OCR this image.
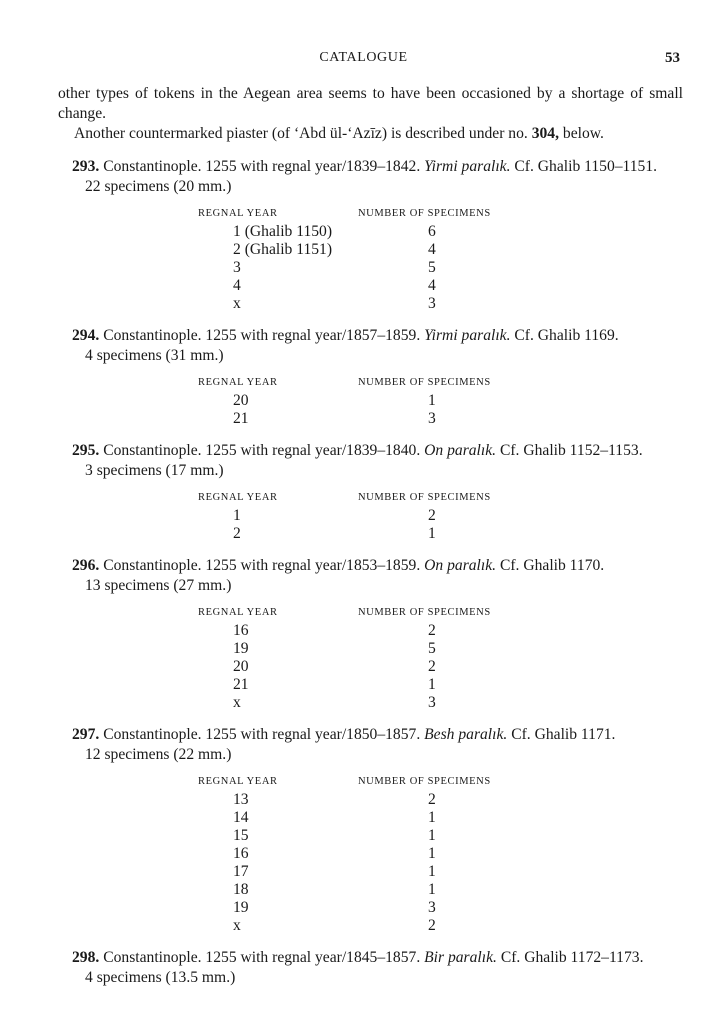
CATALOGUE	53

other types of tokens in the Aegean area seems to have been occasioned by a shortage of small change.

Another countermarked piaster (of ‘Abd ül-‘Azīz) is described under no. 304, below.

293. Constantinople. 1255 with regnal year/1839–1842. Yirmi paralık. Cf. Ghalib 1150–1151.
22 specimens (20 mm.)
REGNAL YEAR	NUMBER OF SPECIMENS
1 (Ghalib 1150)	6
2 (Ghalib 1151)	4
3	5
4	4
x	3
294. Constantinople. 1255 with regnal year/1857–1859. Yirmi paralık. Cf. Ghalib 1169.
4 specimens (31 mm.)
REGNAL YEAR	NUMBER OF SPECIMENS
20	1
21	3
295. Constantinople. 1255 with regnal year/1839–1840. On paralık. Cf. Ghalib 1152–1153.
3 specimens (17 mm.)
REGNAL YEAR	NUMBER OF SPECIMENS
1	2
2	1
296. Constantinople. 1255 with regnal year/1853–1859. On paralık. Cf. Ghalib 1170.
13 specimens (27 mm.)
REGNAL YEAR	NUMBER OF SPECIMENS
16	2
19	5
20	2
21	1
x	3
297. Constantinople. 1255 with regnal year/1850–1857. Besh paralık. Cf. Ghalib 1171.
12 specimens (22 mm.)
REGNAL YEAR	NUMBER OF SPECIMENS
13	2
14	1
15	1
16	1
17	1
18	1
19	3
x	2
298. Constantinople. 1255 with regnal year/1845–1857. Bir paralık. Cf. Ghalib 1172–1173.
4 specimens (13.5 mm.)
